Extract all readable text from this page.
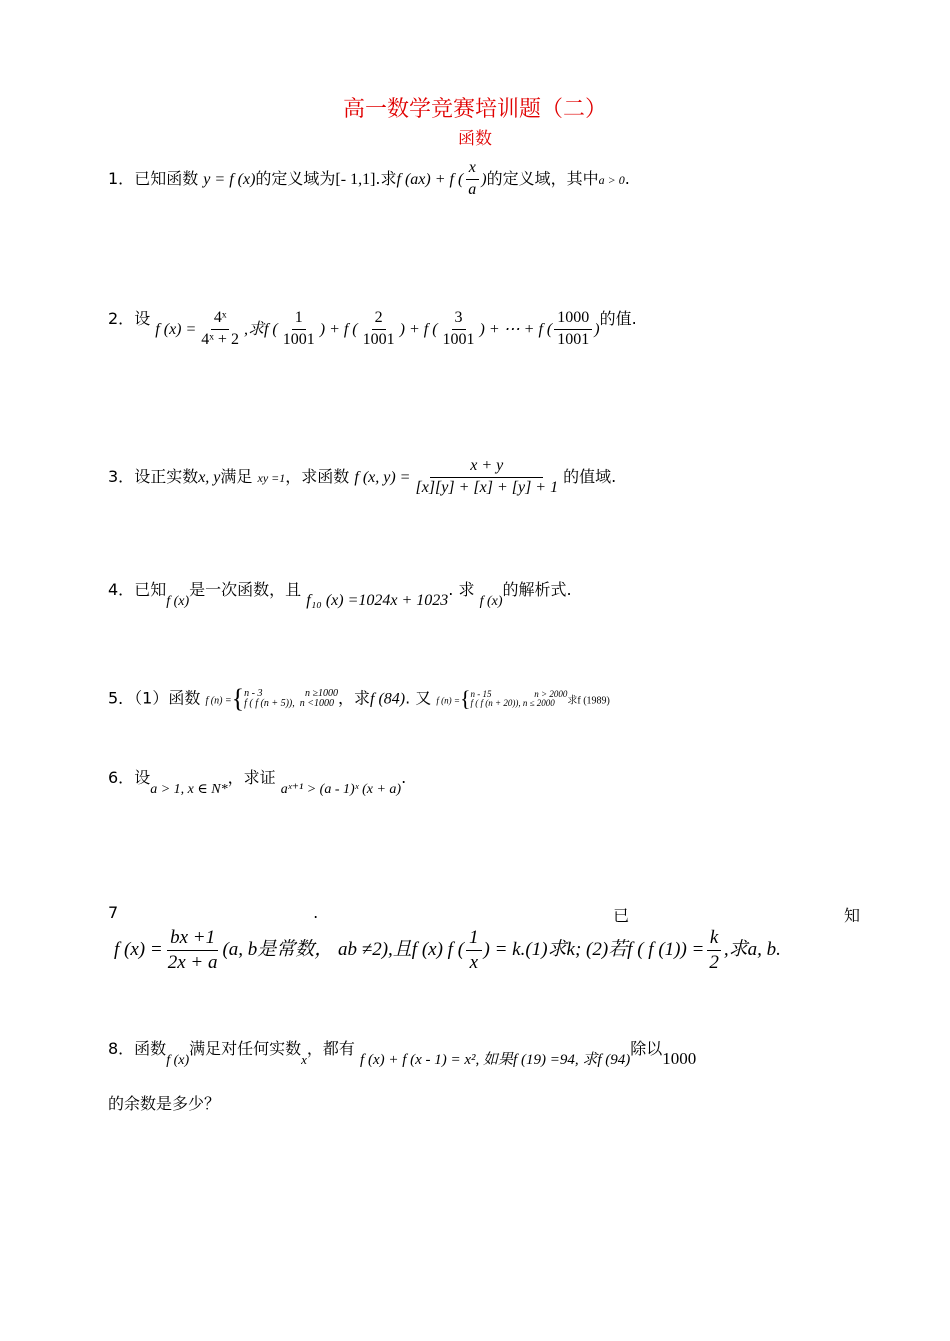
高一数学竞赛培训题（二）
函数
1．已知函数 y = f (x)的定义域为[- 1,1].求f (ax) + f ( $\frac{x}{a}$ )的定义域，其中a > 0.
2．设 f $(x) = \frac{\text{4ˣ}}{\text{4ˣ + 2}}$ ,求f ( $\frac{1}{1001}$ ) + f ( $\frac{2}{1001}$ ) + f ( $\frac{3}{1001}$ ) + ⋯ + f ( $\frac{1000}{1001}$ )的值.
3．设正实数x, y满足 xy =1，求函数 f (x, $y) = \frac{x + y}{[x][y] + [x] + [y] + 1}$ 的值域.
4．已知f (x)是一次函数，且 f₁₀ (x) =1024x + 1023. 求 f (x)的解析式.
5．（1）函数 f (n) ={ n - 3	n ≥1000
f ( f (n + 5)), n <1000 ，求f (84). 又 f (n) ={ n - 15	n > 2000
f ( f (n + 20)), n ≤ 2000	求f (1989)
6．设a > 1, x ∈ N*，求证 aˣ⁺¹ > (a - 1)ˣ (x + a).
7	.	已	知
f $(x) = \frac{bx +1}{2x + a} (a$, b是常数， ab ≠2),且f (x) f ( $\frac{1}{x}$ ) = k.(1)求k; (2)若f ( f $(1)) = \frac{k}{2}$ ,求a, b.
8．函数f (x)满足对任何实数$_x$，都有 f (x) + f (x - 1) = x², 如果f (19) =94, 求f (94)除以1000
的余数是多少？
